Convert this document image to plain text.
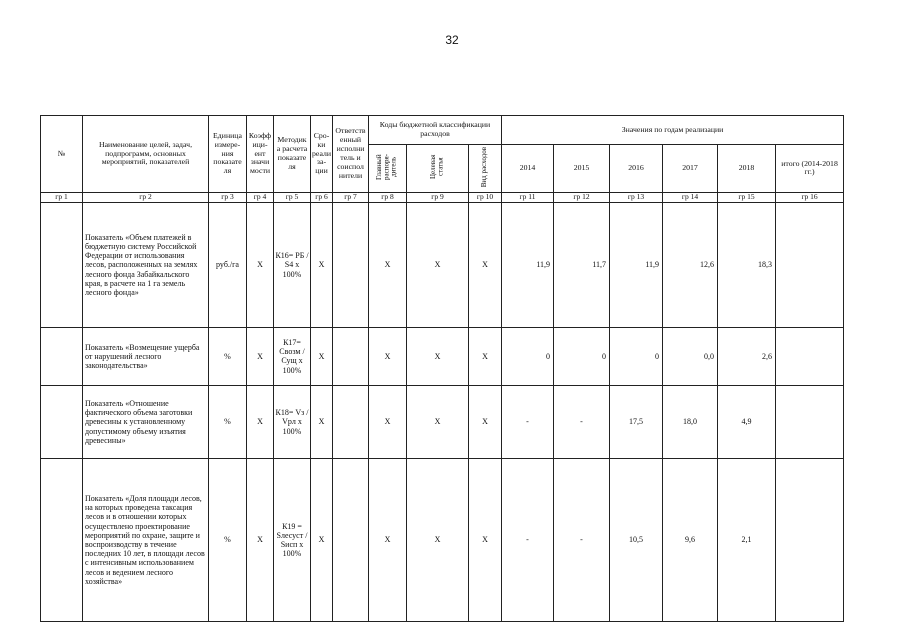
32
№	Наименование целей, задач, подпрограмм, основных мероприятий, показателей	Единица измере-ния показате ля	Коэфф ици-ент значи мости	Методик а расчета показате ля	Сро-ки реали за-ции	Ответств енный исполни тель и соиспол нители	Коды бюджетной классификации расходов			Значения по годам реализации					
							Главный распоря-дитель	Целевая статья	Вид расходов	2014	2015	2016	2017	2018	итого (2014-2018 гг.)
гр 1	гр 2	гр 3	гр 4	гр 5	гр 6	гр 7	гр 8	гр 9	гр 10	гр 11	гр 12	гр 13	гр 14	гр 15	гр 16
	Показатель «Объем платежей в бюджетную систему Российской Федерации от использования лесов, расположенных на землях лесного фонда Забайкальского края, в расчете на 1 га земель лесного фонда»	руб./га	X	К16= РБ / S4 х 100%	X		X	X	X	11,9	11,7	11,9	12,6	18,3	
	Показатель «Возмещение ущерба от нарушений лесного законодательства»	%	X	К17= Свозм / Сущ х 100%	X		X	X	X	0	0	0	0,0	2,6	
	Показатель «Отношение фактического объема заготовки древесины к установленному допустимому объему изъятия древесины»	%	X	К18= Vз / Vрл х 100%	X		X	X	X	-	-	17,5	18,0	4,9	
	Показатель «Доля площади лесов, на которых проведена таксация лесов и в отношении которых осуществлено проектирование мероприятий по охране, защите и воспроизводству в течение последних 10 лет, в площади лесов с интенсивным использованием лесов и ведением лесного хозяйства»	%	X	К19 = Sлесуст / Sисп х 100%	X		X	X	X	-	-	10,5	9,6	2,1	
